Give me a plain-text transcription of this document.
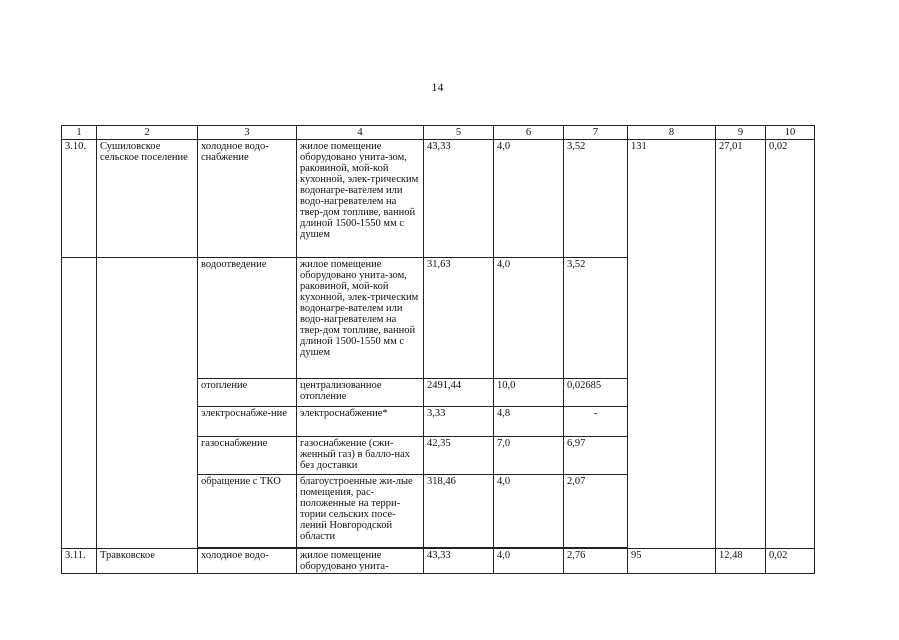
14
1	2	3	4	5	6	7	8	9	10
3.10.	Сушиловское сельское поселение	холодное водо-снабжение	жилое помещение оборудовано унита-зом, раковиной, мой-кой кухонной, элек-трическим водонагре-вателем или водо-нагревателем на твер-дом топливе, ванной длиной 1500-1550 мм с душем	43,33	4,0	3,52	131	27,01	0,02
		водоотведение	жилое помещение оборудовано унита-зом, раковиной, мой-кой кухонной, элек-трическим водонагре-вателем или водо-нагревателем на твер-дом топливе, ванной длиной 1500-1550 мм с душем	31,63	4,0	3,52			
		отопление	централизованное отопление	2491,44	10,0	0,02685			
		электроснабже-ние	электроснабжение*	3,33	4,8	-			
		газоснабжение	газоснабжение (сжи-женный газ) в балло-нах без доставки	42,35	7,0	6,97			
		обращение с ТКО	благоустроенные жи-лые помещения, рас-положенные на терри-тории сельских посе-лений Новгородской области	318,46	4,0	2,07			

3.11.	Травковское	холодное водо-	жилое помещение оборудовано унита-	43,33	4,0	2,76	95	12,48	0,02
